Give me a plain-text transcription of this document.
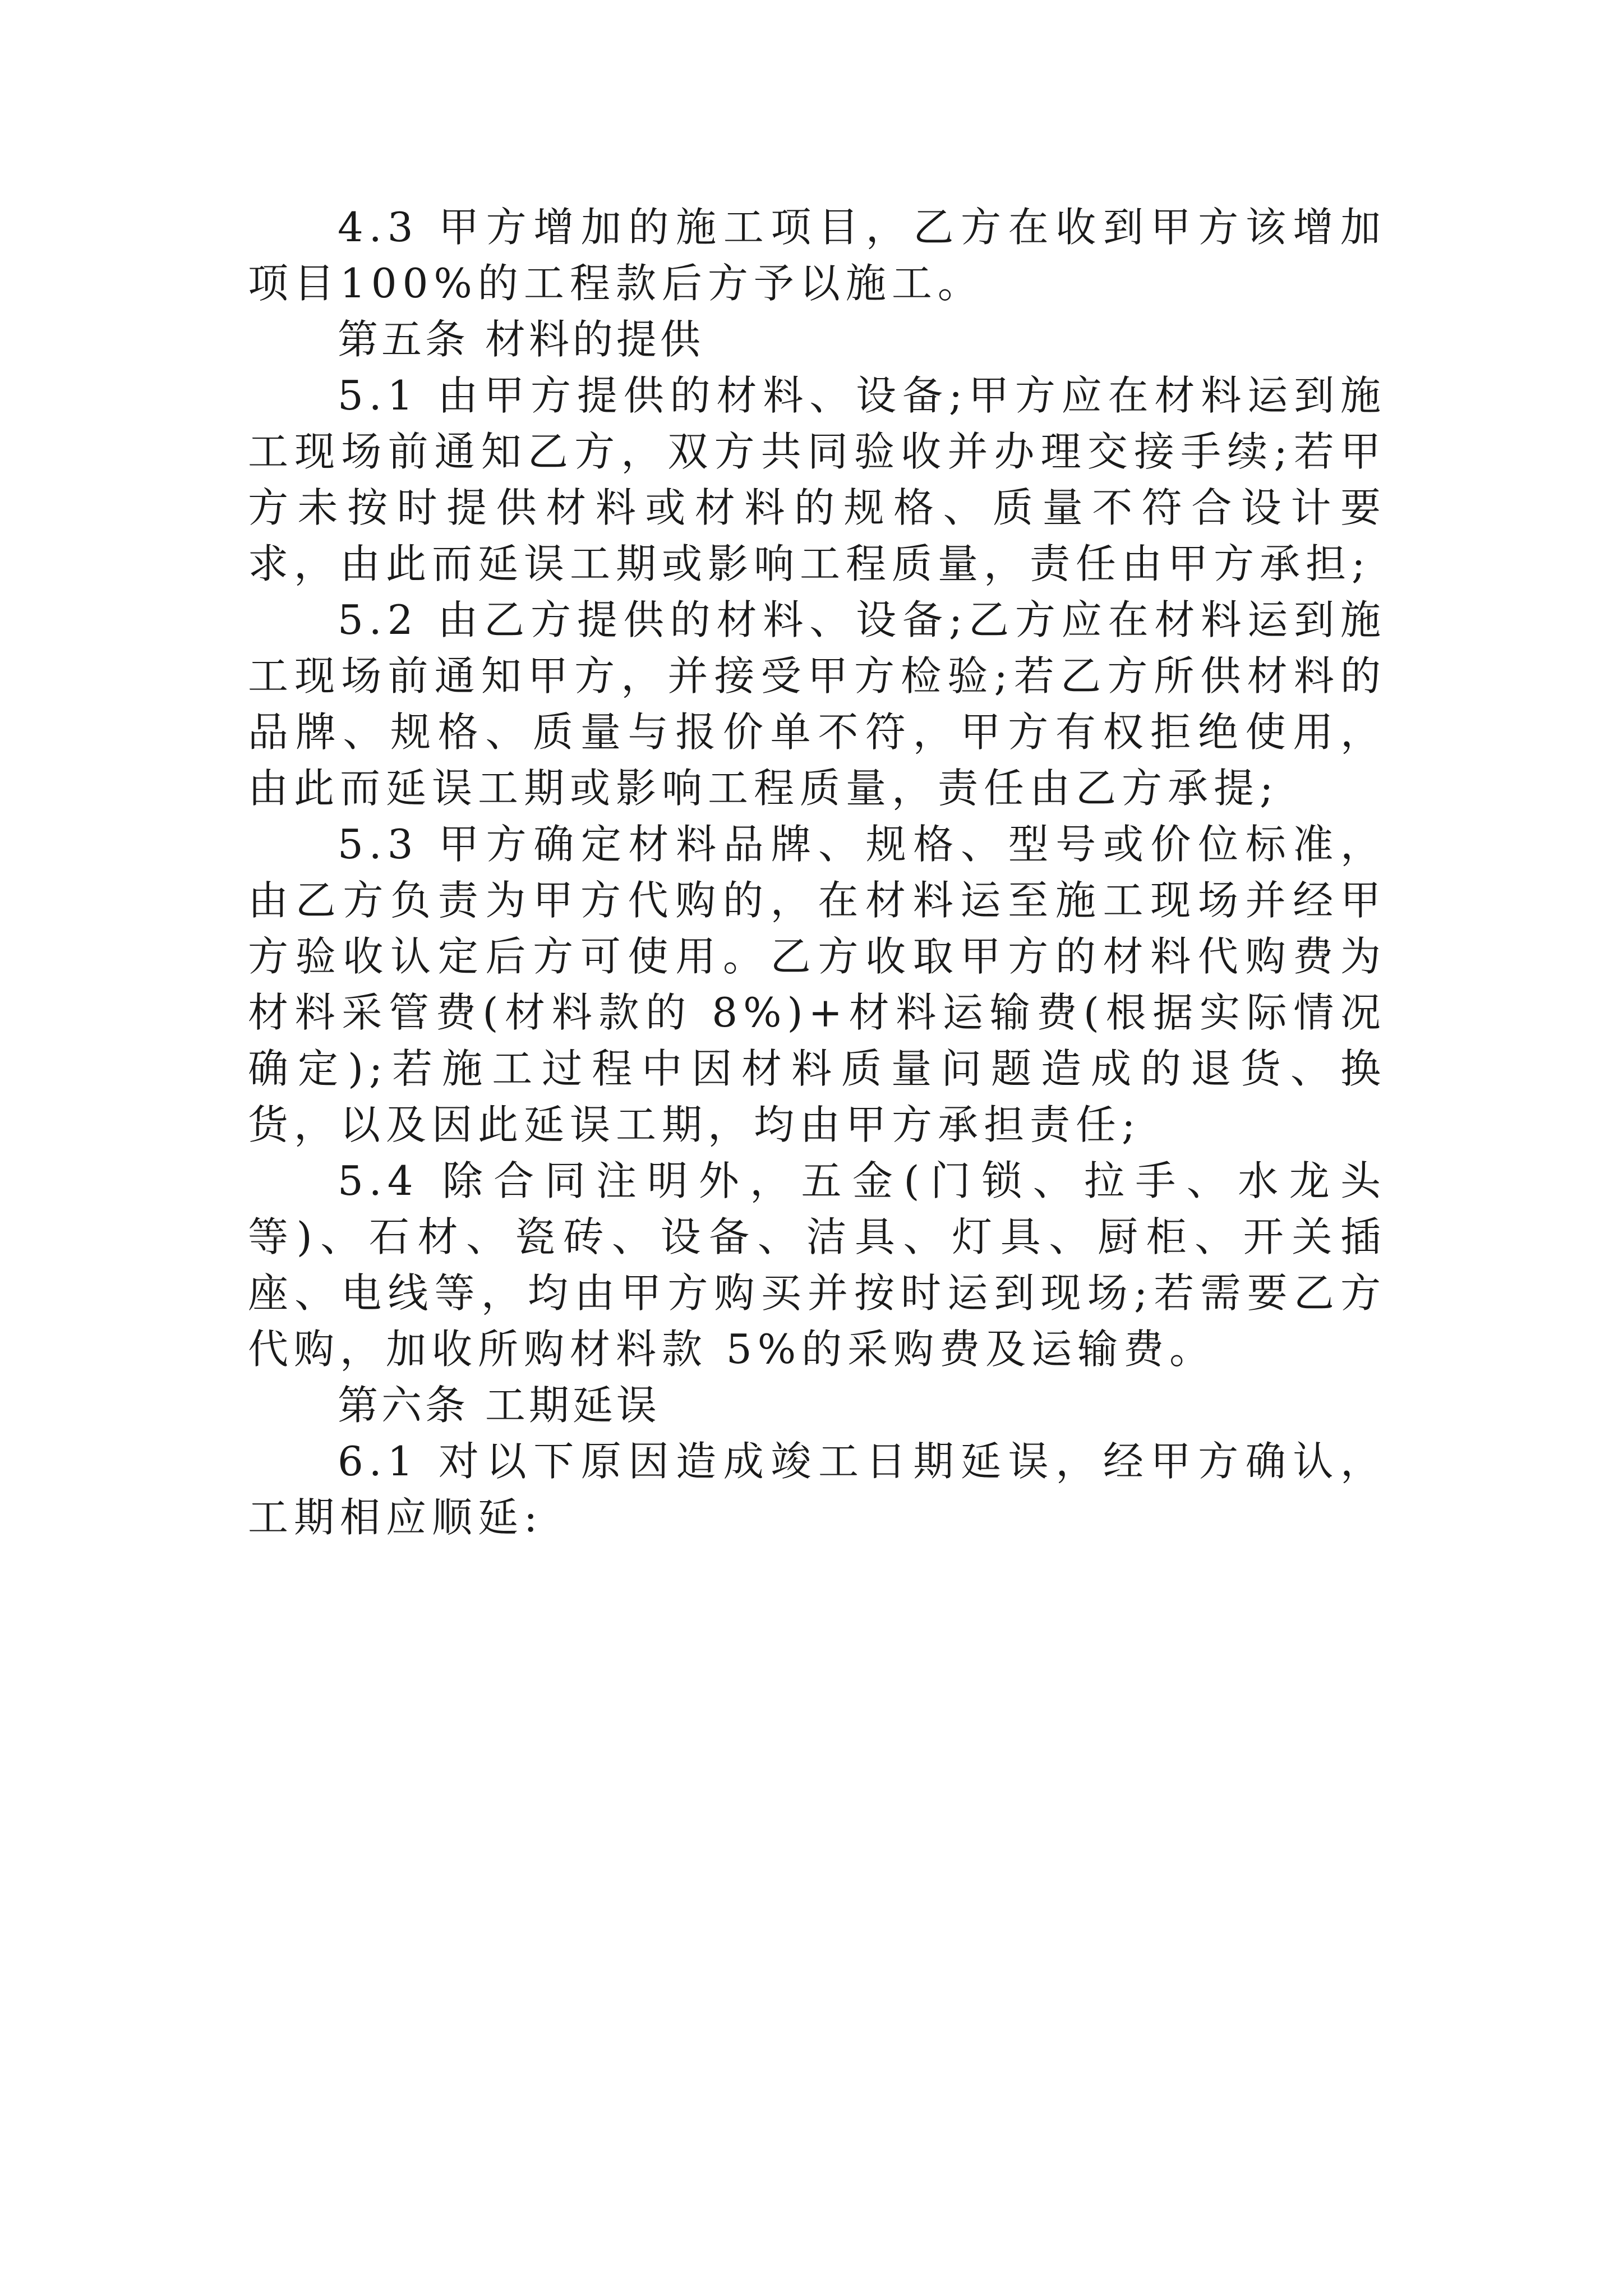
4.3 甲方增加的施工项目，乙方在收到甲方该增加项目100%的工程款后方予以施工。

第五条 材料的提供

5.1 由甲方提供的材料、设备;甲方应在材料运到施工现场前通知乙方，双方共同验收并办理交接手续;若甲方未按时提供材料或材料的规格、质量不符合设计要求，由此而延误工期或影响工程质量，责任由甲方承担;

5.2 由乙方提供的材料、设备;乙方应在材料运到施工现场前通知甲方，并接受甲方检验;若乙方所供材料的品牌、规格、质量与报价单不符，甲方有权拒绝使用，由此而延误工期或影响工程质量，责任由乙方承提;

5.3 甲方确定材料品牌、规格、型号或价位标准，由乙方负责为甲方代购的，在材料运至施工现场并经甲方验收认定后方可使用。乙方收取甲方的材料代购费为材料采管费(材料款的 8%)+材料运输费(根据实际情况确定);若施工过程中因材料质量问题造成的退货、换货，以及因此延误工期，均由甲方承担责任;

5.4 除合同注明外，五金(门锁、拉手、水龙头等)、石材、瓷砖、设备、洁具、灯具、厨柜、开关插座、电线等，均由甲方购买并按时运到现场;若需要乙方代购，加收所购材料款 5%的采购费及运输费。

第六条 工期延误

6.1 对以下原因造成竣工日期延误，经甲方确认，工期相应顺延:
